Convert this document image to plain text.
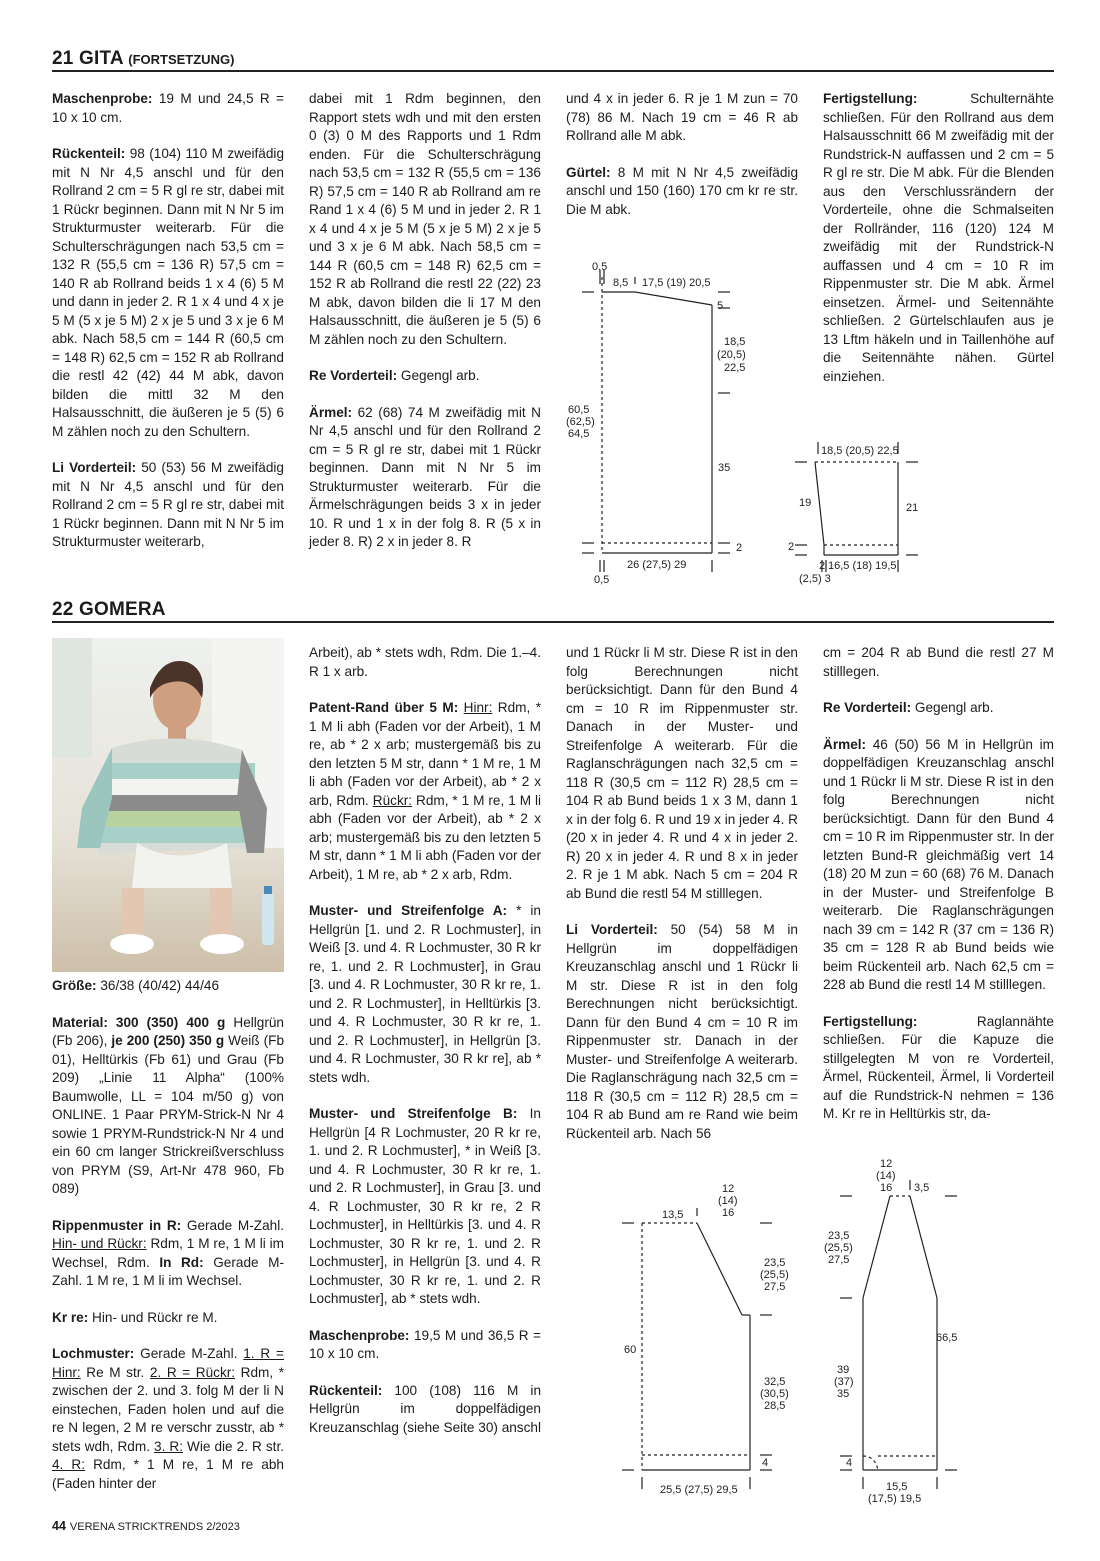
21 GITA (FORTSETZUNG)

Maschenprobe: 19 M und 24,5 R = 10 x 10 cm.

Rückenteil: 98 (104) 110 M zweifädig mit N Nr 4,5 anschl und für den Rollrand 2 cm = 5 R gl re str, dabei mit 1 Rückr beginnen. Dann mit N Nr 5 im Strukturmuster weiterarb. Für die Schulterschrägungen nach 53,5 cm = 132 R (55,5 cm = 136 R) 57,5 cm = 140 R ab Rollrand beids 1 x 4 (6) 5 M und dann in jeder 2. R 1 x 4 und 4 x je 5 M (5 x je 5 M) 2 x je 5 und 3 x je 6 M abk. Nach 58,5 cm = 144 R (60,5 cm = 148 R) 62,5 cm = 152 R ab Rollrand die restl 42 (42) 44 M abk, davon bilden die mittl 32 M den Halsausschnitt, die äußeren je 5 (5) 6 M zählen noch zu den Schultern.

Li Vorderteil: 50 (53) 56 M zweifädig mit N Nr 4,5 anschl und für den Rollrand 2 cm = 5 R gl re str, dabei mit 1 Rückr beginnen. Dann mit N Nr 5 im Strukturmuster weiterarb,

dabei mit 1 Rdm beginnen, den Rapport stets wdh und mit den ersten 0 (3) 0 M des Rapports und 1 Rdm enden. Für die Schulterschrägung nach 53,5 cm = 132 R (55,5 cm = 136 R) 57,5 cm = 140 R ab Rollrand am re Rand 1 x 4 (6) 5 M und in jeder 2. R 1 x 4 und 4 x je 5 M (5 x je 5 M) 2 x je 5 und 3 x je 6 M abk. Nach 58,5 cm = 144 R (60,5 cm = 148 R) 62,5 cm = 152 R ab Rollrand die restl 22 (22) 23 M abk, davon bilden die li 17 M den Halsausschnitt, die äußeren je 5 (5) 6 M zählen noch zu den Schultern.

Re Vorderteil: Gegengl arb.

Ärmel: 62 (68) 74 M zweifädig mit N Nr 4,5 anschl und für den Rollrand 2 cm = 5 R gl re str, dabei mit 1 Rückr beginnen. Dann mit N Nr 5 im Strukturmuster weiterarb. Für die Ärmelschrägungen beids 3 x in jeder 10. R und 1 x in der folg 8. R (5 x in jeder 8. R) 2 x in jeder 8. R

und 4 x in jeder 6. R je 1 M zun = 70 (78) 86 M. Nach 19 cm = 46 R ab Rollrand alle M abk.

Gürtel: 8 M mit N Nr 4,5 zweifädig anschl und 150 (160) 170 cm kr re str. Die M abk.

Fertigstellung: Schulternähte schließen. Für den Rollrand aus dem Halsausschnitt 66 M zweifädig mit der Rundstrick-N auffassen und 2 cm = 5 R gl re str. Die M abk. Für die Blenden aus den Verschlussrändern der Vorderteile, ohne die Schmalseiten der Rollränder, 116 (120) 124 M zweifädig mit der Rundstrick-N auffassen und 4 cm = 10 R im Rippenmuster str. Die M abk. Ärmel einsetzen. Ärmel- und Seitennähte schließen. 2 Gürtelschlaufen aus je 13 Lftm häkeln und in Taillenhöhe auf die Seitennähte nähen. Gürtel einziehen.

0,5
8,5 17,5 (19) 20,5
5
18,5
(20,5)
22,5
60,5
(62,5)
64,5
35
2
26 (27,5) 29
0,5
18,5 (20,5) 22,5
19	21
2
2 16,5 (18) 19,5
(2,5) 3
22 GOMERA

Größe: 36/38 (40/42) 44/46

Material: 300 (350) 400 g Hellgrün (Fb 206), je 200 (250) 350 g Weiß (Fb 01), Helltürkis (Fb 61) und Grau (Fb 209) „Linie 11 Alpha“ (100% Baumwolle, LL = 104 m/50 g) von ONLINE. 1 Paar PRYM-Strick-N Nr 4 sowie 1 PRYM-Rundstrick-N Nr 4 und ein 60 cm langer Strickreißverschluss von PRYM (S9, Art-Nr 478 960, Fb 089)

Rippenmuster in R: Gerade M-Zahl. Hin- und Rückr: Rdm, 1 M re, 1 M li im Wechsel, Rdm. In Rd: Gerade M-Zahl. 1 M re, 1 M li im Wechsel.

Kr re: Hin- und Rückr re M.

Lochmuster: Gerade M-Zahl. 1. R = Hinr: Re M str. 2. R = Rückr: Rdm, * zwischen der 2. und 3. folg M der li N einstechen, Faden holen und auf die re N legen, 2 M re verschr zusstr, ab * stets wdh, Rdm. 3. R: Wie die 2. R str. 4. R: Rdm, * 1 M re, 1 M re abh (Faden hinter der

Arbeit), ab * stets wdh, Rdm. Die 1.–4. R 1 x arb.

Patent-Rand über 5 M: Hinr: Rdm, * 1 M li abh (Faden vor der Arbeit), 1 M re, ab * 2 x arb; mustergemäß bis zu den letzten 5 M str, dann * 1 M re, 1 M li abh (Faden vor der Arbeit), ab * 2 x arb, Rdm. Rückr: Rdm, * 1 M re, 1 M li abh (Faden vor der Arbeit), ab * 2 x arb; mustergemäß bis zu den letzten 5 M str, dann * 1 M li abh (Faden vor der Arbeit), 1 M re, ab * 2 x arb, Rdm.

Muster- und Streifenfolge A: * in Hellgrün [1. und 2. R Lochmuster], in Weiß [3. und 4. R Lochmuster, 30 R kr re, 1. und 2. R Lochmuster], in Grau [3. und 4. R Lochmuster, 30 R kr re, 1. und 2. R Lochmuster], in Helltürkis [3. und 4. R Lochmuster, 30 R kr re, 1. und 2. R Lochmuster], in Hellgrün [3. und 4. R Lochmuster, 30 R kr re], ab * stets wdh.

Muster- und Streifenfolge B: In Hellgrün [4 R Lochmuster, 20 R kr re, 1. und 2. R Lochmuster], * in Weiß [3. und 4. R Lochmuster, 30 R kr re, 1. und 2. R Lochmuster], in Grau [3. und 4. R Lochmuster, 30 R kr re, 2 R Lochmuster], in Helltürkis [3. und 4. R Lochmuster, 30 R kr re, 1. und 2. R Lochmuster], in Hellgrün [3. und 4. R Lochmuster, 30 R kr re, 1. und 2. R Lochmuster], ab * stets wdh.

Maschenprobe: 19,5 M und 36,5 R = 10 x 10 cm.

Rückenteil: 100 (108) 116 M in Hellgrün im doppelfädigen Kreuzanschlag (siehe Seite 30) anschl

und 1 Rückr li M str. Diese R ist in den folg Berechnungen nicht berücksichtigt. Dann für den Bund 4 cm = 10 R im Rippenmuster str. Danach in der Muster- und Streifenfolge A weiterarb. Für die Raglanschrägungen nach 32,5 cm = 118 R (30,5 cm = 112 R) 28,5 cm = 104 R ab Bund beids 1 x 3 M, dann 1 x in der folg 6. R und 19 x in jeder 4. R (20 x in jeder 4. R und 4 x in jeder 2. R) 20 x in jeder 4. R und 8 x in jeder 2. R je 1 M abk. Nach 5 cm = 204 R ab Bund die restl 54 M stilllegen.

Li Vorderteil: 50 (54) 58 M in Hellgrün im doppelfädigen Kreuzanschlag anschl und 1 Rückr li M str. Diese R ist in den folg Berechnungen nicht berücksichtigt. Dann für den Bund 4 cm = 10 R im Rippenmuster str. Danach in der Muster- und Streifenfolge A weiterarb. Die Raglanschrägung nach 32,5 cm = 118 R (30,5 cm = 112 R) 28,5 cm = 104 R ab Bund am re Rand wie beim Rückenteil arb. Nach 56

cm = 204 R ab Bund die restl 27 M stilllegen.

Re Vorderteil: Gegengl arb.

Ärmel: 46 (50) 56 M in Hellgrün im doppelfädigen Kreuzanschlag anschl und 1 Rückr li M str. Diese R ist in den folg Berechnungen nicht berücksichtigt. Dann für den Bund 4 cm = 10 R im Rippenmuster str. In der letzten Bund-R gleichmäßig vert 14 (18) 20 M zun = 60 (68) 76 M. Danach in der Muster- und Streifenfolge B weiterarb. Die Raglanschrägungen nach 39 cm = 142 R (37 cm = 136 R) 35 cm = 128 R ab Bund beids wie beim Rückenteil arb. Nach 62,5 cm = 228 ab Bund die restl 14 M stilllegen.

Fertigstellung: Raglannähte schließen. Für die Kapuze die stillgelegten M von re Vorderteil, Ärmel, Rückenteil, Ärmel, li Vorderteil auf die Rundstrick-N nehmen = 136 M. Kr re in Helltürkis str, da-

13,5
12
(14)
16
23,5
(25,5)
27,5
60
32,5
(30,5)
28,5
4
25,5 (27,5) 29,5
12
(14)
16 3,5
23,5
(25,5)
27,5
66,5
39
(37)
35
4
15,5
(17,5) 19,5
44 VERENA STRICKTRENDS 2/2023
